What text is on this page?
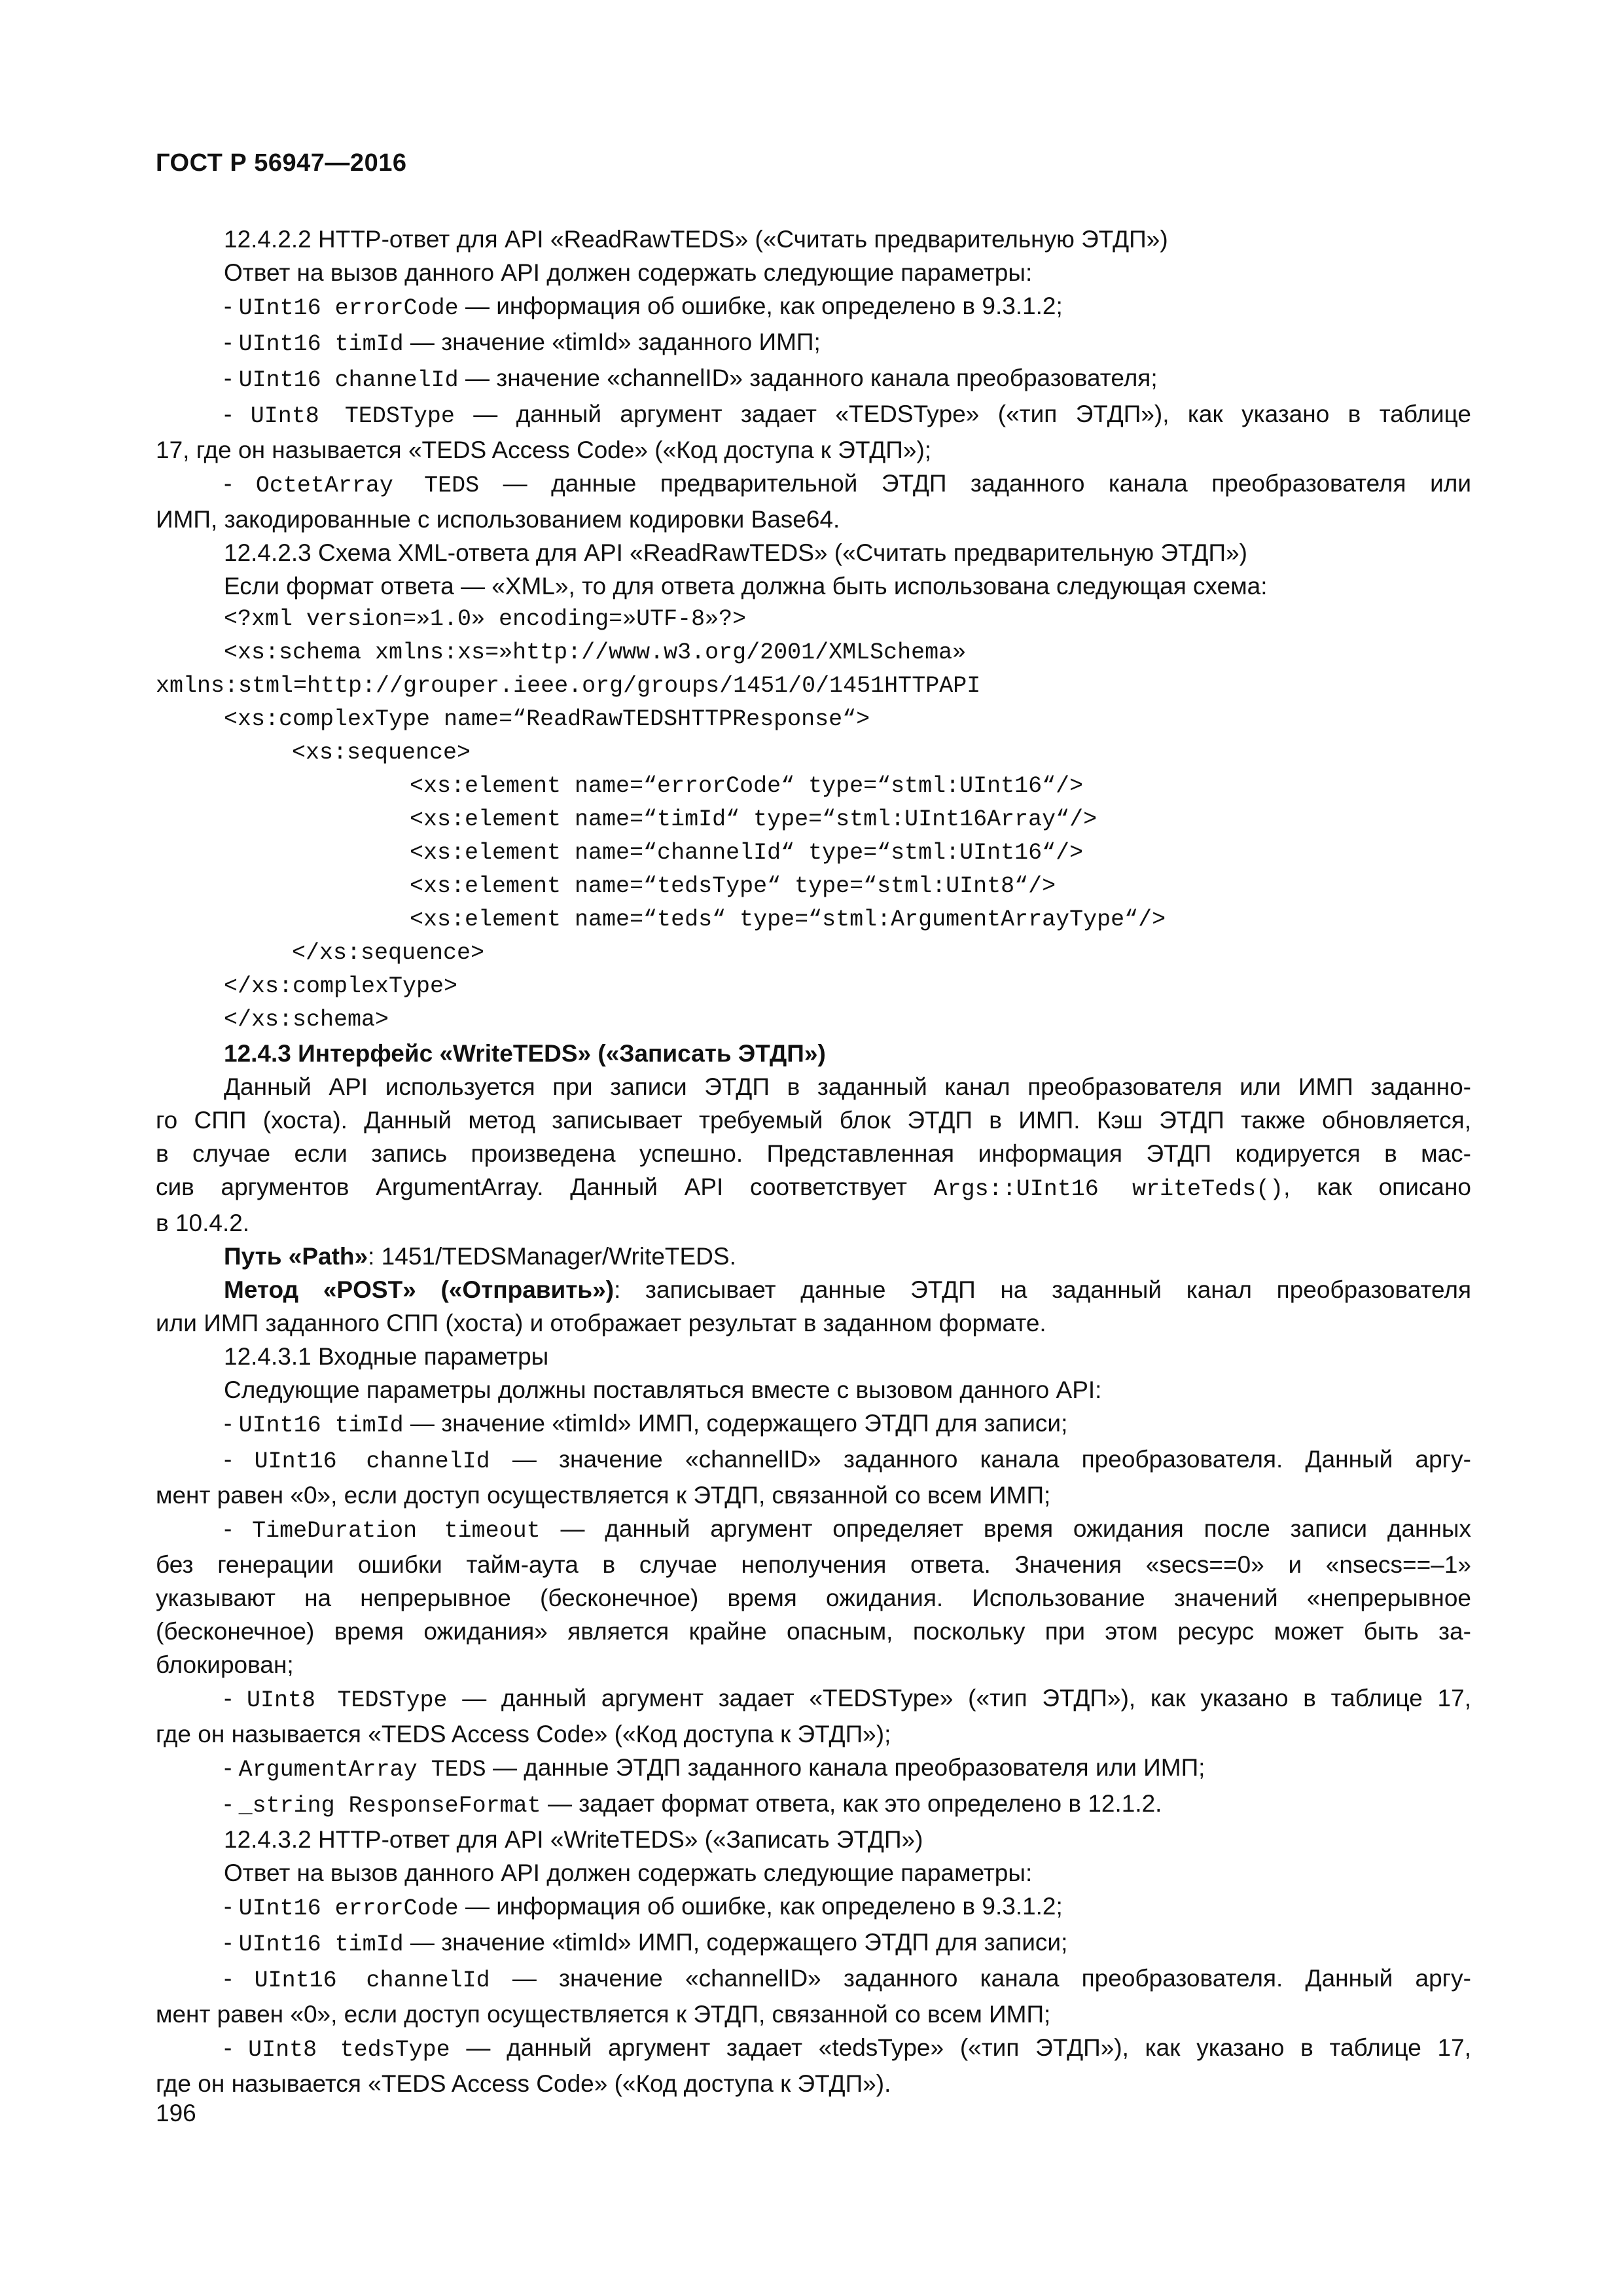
ГОСТ Р 56947—2016

12.4.2.2 HTTP-ответ для API «ReadRawTEDS» («Считать предварительную ЭТДП»)

Ответ на вызов данного API должен содержать следующие параметры:

- UInt16 errorCode — информация об ошибке, как определено в 9.3.1.2;

- UInt16 timId — значение «timId» заданного ИМП;

- UInt16 channelId — значение «channelID» заданного канала преобразователя;

- UInt8 TEDSType — данный аргумент задает «TEDSType» («тип ЭТДП»), как указано в таблице

17, где он называется «TEDS Access Code» («Код доступа к ЭТДП»);

- OctetArray TEDS — данные предварительной ЭТДП заданного канала преобразователя или

ИМП, закодированные с использованием кодировки Base64.

12.4.2.3 Схема XML-ответа для API «ReadRawTEDS» («Считать предварительную ЭТДП»)

Если формат ответа — «XML», то для ответа должна быть использована следующая схема:

<?xml version=»1.0» encoding=»UTF-8»?>
<xs:schema xmlns:xs=»http://www.w3.org/2001/XMLSchema»
xmlns:stml=http://grouper.ieee.org/groups/1451/0/1451HTTPAPI
<xs:complexType name=“ReadRawTEDSHTTPResponse“>
<xs:sequence>
<xs:element name=“errorCode“ type=“stml:UInt16“/>
<xs:element name=“timId“ type=“stml:UInt16Array“/>
<xs:element name=“channelId“ type=“stml:UInt16“/>
<xs:element name=“tedsType“ type=“stml:UInt8“/>
<xs:element name=“teds“ type=“stml:ArgumentArrayType“/>
</xs:sequence>
</xs:complexType>
</xs:schema>

12.4.3 Интерфейс «WriteTEDS» («Записать ЭТДП»)

Данный API используется при записи ЭТДП в заданный канал преобразователя или ИМП заданно-

го СПП (хоста). Данный метод записывает требуемый блок ЭТДП в ИМП. Кэш ЭТДП также обновляется,

в случае если запись произведена успешно. Представленная информация ЭТДП кодируется в мас-

сив аргументов ArgumentArray. Данный API соответствует Args::UInt16 writeTeds(), как описано

в 10.4.2.

Путь «Path»: 1451/TEDSManager/WriteTEDS.

Метод «POST» («Отправить»): записывает данные ЭТДП на заданный канал преобразователя

или ИМП заданного СПП (хоста) и отображает результат в заданном формате.

12.4.3.1 Входные параметры

Следующие параметры должны поставляться вместе с вызовом данного API:

- UInt16 timId — значение «timId» ИМП, содержащего ЭТДП для записи;

- UInt16 channelId — значение «channelID» заданного канала преобразователя. Данный аргу-

мент равен «0», если доступ осуществляется к ЭТДП, связанной со всем ИМП;

- TimeDuration timeout — данный аргумент определяет время ожидания после записи данных

без генерации ошибки тайм-аута в случае неполучения ответа. Значения «secs==0» и «nsecs==–1»

указывают на непрерывное (бесконечное) время ожидания. Использование значений «непрерывное

(бесконечное) время ожидания» является крайне опасным, поскольку при этом ресурс может быть за-

блокирован;

- UInt8 TEDSType — данный аргумент задает «TEDSType» («тип ЭТДП»), как указано в таблице 17,

где он называется «TEDS Access Code» («Код доступа к ЭТДП»);

- ArgumentArray TEDS — данные ЭТДП заданного канала преобразователя или ИМП;

- _string ResponseFormat — задает формат ответа, как это определено в 12.1.2.

12.4.3.2 HTTP-ответ для API «WriteTEDS» («Записать ЭТДП»)

Ответ на вызов данного API должен содержать следующие параметры:

- UInt16 errorCode — информация об ошибке, как определено в 9.3.1.2;

- UInt16 timId — значение «timId» ИМП, содержащего ЭТДП для записи;

- UInt16 channelId — значение «channelID» заданного канала преобразователя. Данный аргу-

мент равен «0», если доступ осуществляется к ЭТДП, связанной со всем ИМП;

- UInt8 tedsType — данный аргумент задает «tedsType» («тип ЭТДП»), как указано в таблице 17,

где он называется «TEDS Access Code» («Код доступа к ЭТДП»).

196
